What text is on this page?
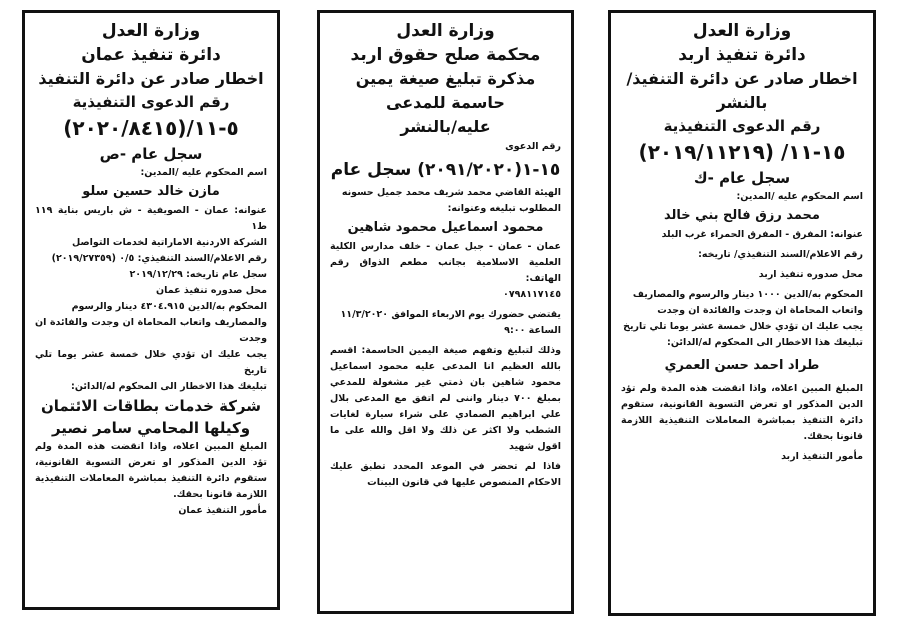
وزارة العدل

دائرة تنفيذ عمان

اخطار صادر عن دائرة التنفيذ

رقم الدعوى التنفيذية

٥-١١/(٢٠٢٠/٨٤١٥)

سجل عام -ص

اسم المحكوم عليه /المدين:

مازن خالد حسين سلو

عنوانه: عمان - الصويفية - ش باريس بناية ١١٩ ط١

الشركة الاردنية الاماراتية لخدمات التواصل

رقم الاعلام/السند التنفيذي: ٠/٥ (٢٠١٩/٢٧٣٥٩)

سجل عام تاريخه: ٢٠١٩/١٢/٢٩

محل صدوره تنفيذ عمان

المحكوم به/الدين ٤٣٠٤.٩١٥ دينار والرسوم

والمصاريف واتعاب المحاماة ان وجدت والفائدة ان وجدت

يجب عليك ان تؤدي خلال خمسة عشر يوما تلي تاريخ

تبليغك هذا الاخطار الى المحكوم له/الدائن:

شركة خدمات بطاقات الائتمان

وكيلها المحامي سامر نصير

المبلغ المبين اعلاه، واذا انقضت هذه المدة ولم تؤد الدين المذكور او تعرض التسوية القانونية، ستقوم دائرة التنفيذ بمباشرة المعاملات التنفيذية اللازمة قانونا بحقك.

مأمور التنفيذ عمان

وزارة العدل

محكمة صلح حقوق اربد

مذكرة تبليغ صيغة يمين حاسمة للمدعى

عليه/بالنشر

رقم الدعوى

١٥-١(٢٠٩١/٢٠٢٠) سجل عام

الهيئة القاضي محمد شريف محمد جميل حسونه

المطلوب تبليغه وعنوانه:

محمود اسماعيل محمود شاهين

عمان - عمان - جبل عمان - خلف مدارس الكلية العلمية الاسلامية بجانب مطعم الذواق رقم الهاتف:

٠٧٩٨١١٧١٤٥

يقتضي حضورك يوم الاربعاء الموافق ١١/٣/٢٠٢٠

الساعة ٩:٠٠

وذلك لتبليغ وتفهم صيغة اليمين الحاسمة: اقسم بالله العظيم انا المدعى عليه محمود اسماعيل محمود شاهين بان ذمتي غير مشغولة للمدعي بمبلغ ٧٠٠ دينار واننى لم اتفق مع المدعى بلال علي ابراهيم الصمادي على شراء سيارة لغايات الشطب ولا اكثر عن ذلك ولا اقل والله على ما اقول شهيد

فاذا لم تحضر في الموعد المحدد تطبق عليك الاحكام المنصوص عليها في قانون البينات

وزارة العدل

دائرة تنفيذ اربد

اخطار صادر عن دائرة التنفيذ/بالنشر

رقم الدعوى التنفيذية

١٥-١١/ (٢٠١٩/١١٢١٩)

سجل عام -ك

اسم المحكوم عليه /المدين:

محمد رزق فالح بني خالد

عنوانه: المفرق - المفرق الحمراء غرب البلد

رقم الاعلام/السند التنفيذي/ تاريخه:

محل صدوره تنفيذ اربد

المحكوم به/الدين ١٠٠٠ دينار والرسوم والمصاريف

واتعاب المحاماة ان وجدت والفائدة ان وجدت

يجب عليك ان تؤدي خلال خمسة عشر يوما تلي تاريخ

تبليغك هذا الاخطار الى المحكوم له/الدائن:

طراد احمد حسن العمري

المبلغ المبين اعلاه، واذا انقضت هذه المدة ولم تؤد الدين المذكور او تعرض التسوية القانونية، ستقوم دائرة التنفيذ بمباشرة المعاملات التنفيذية اللازمة قانونا بحقك.

مأمور التنفيذ اربد
